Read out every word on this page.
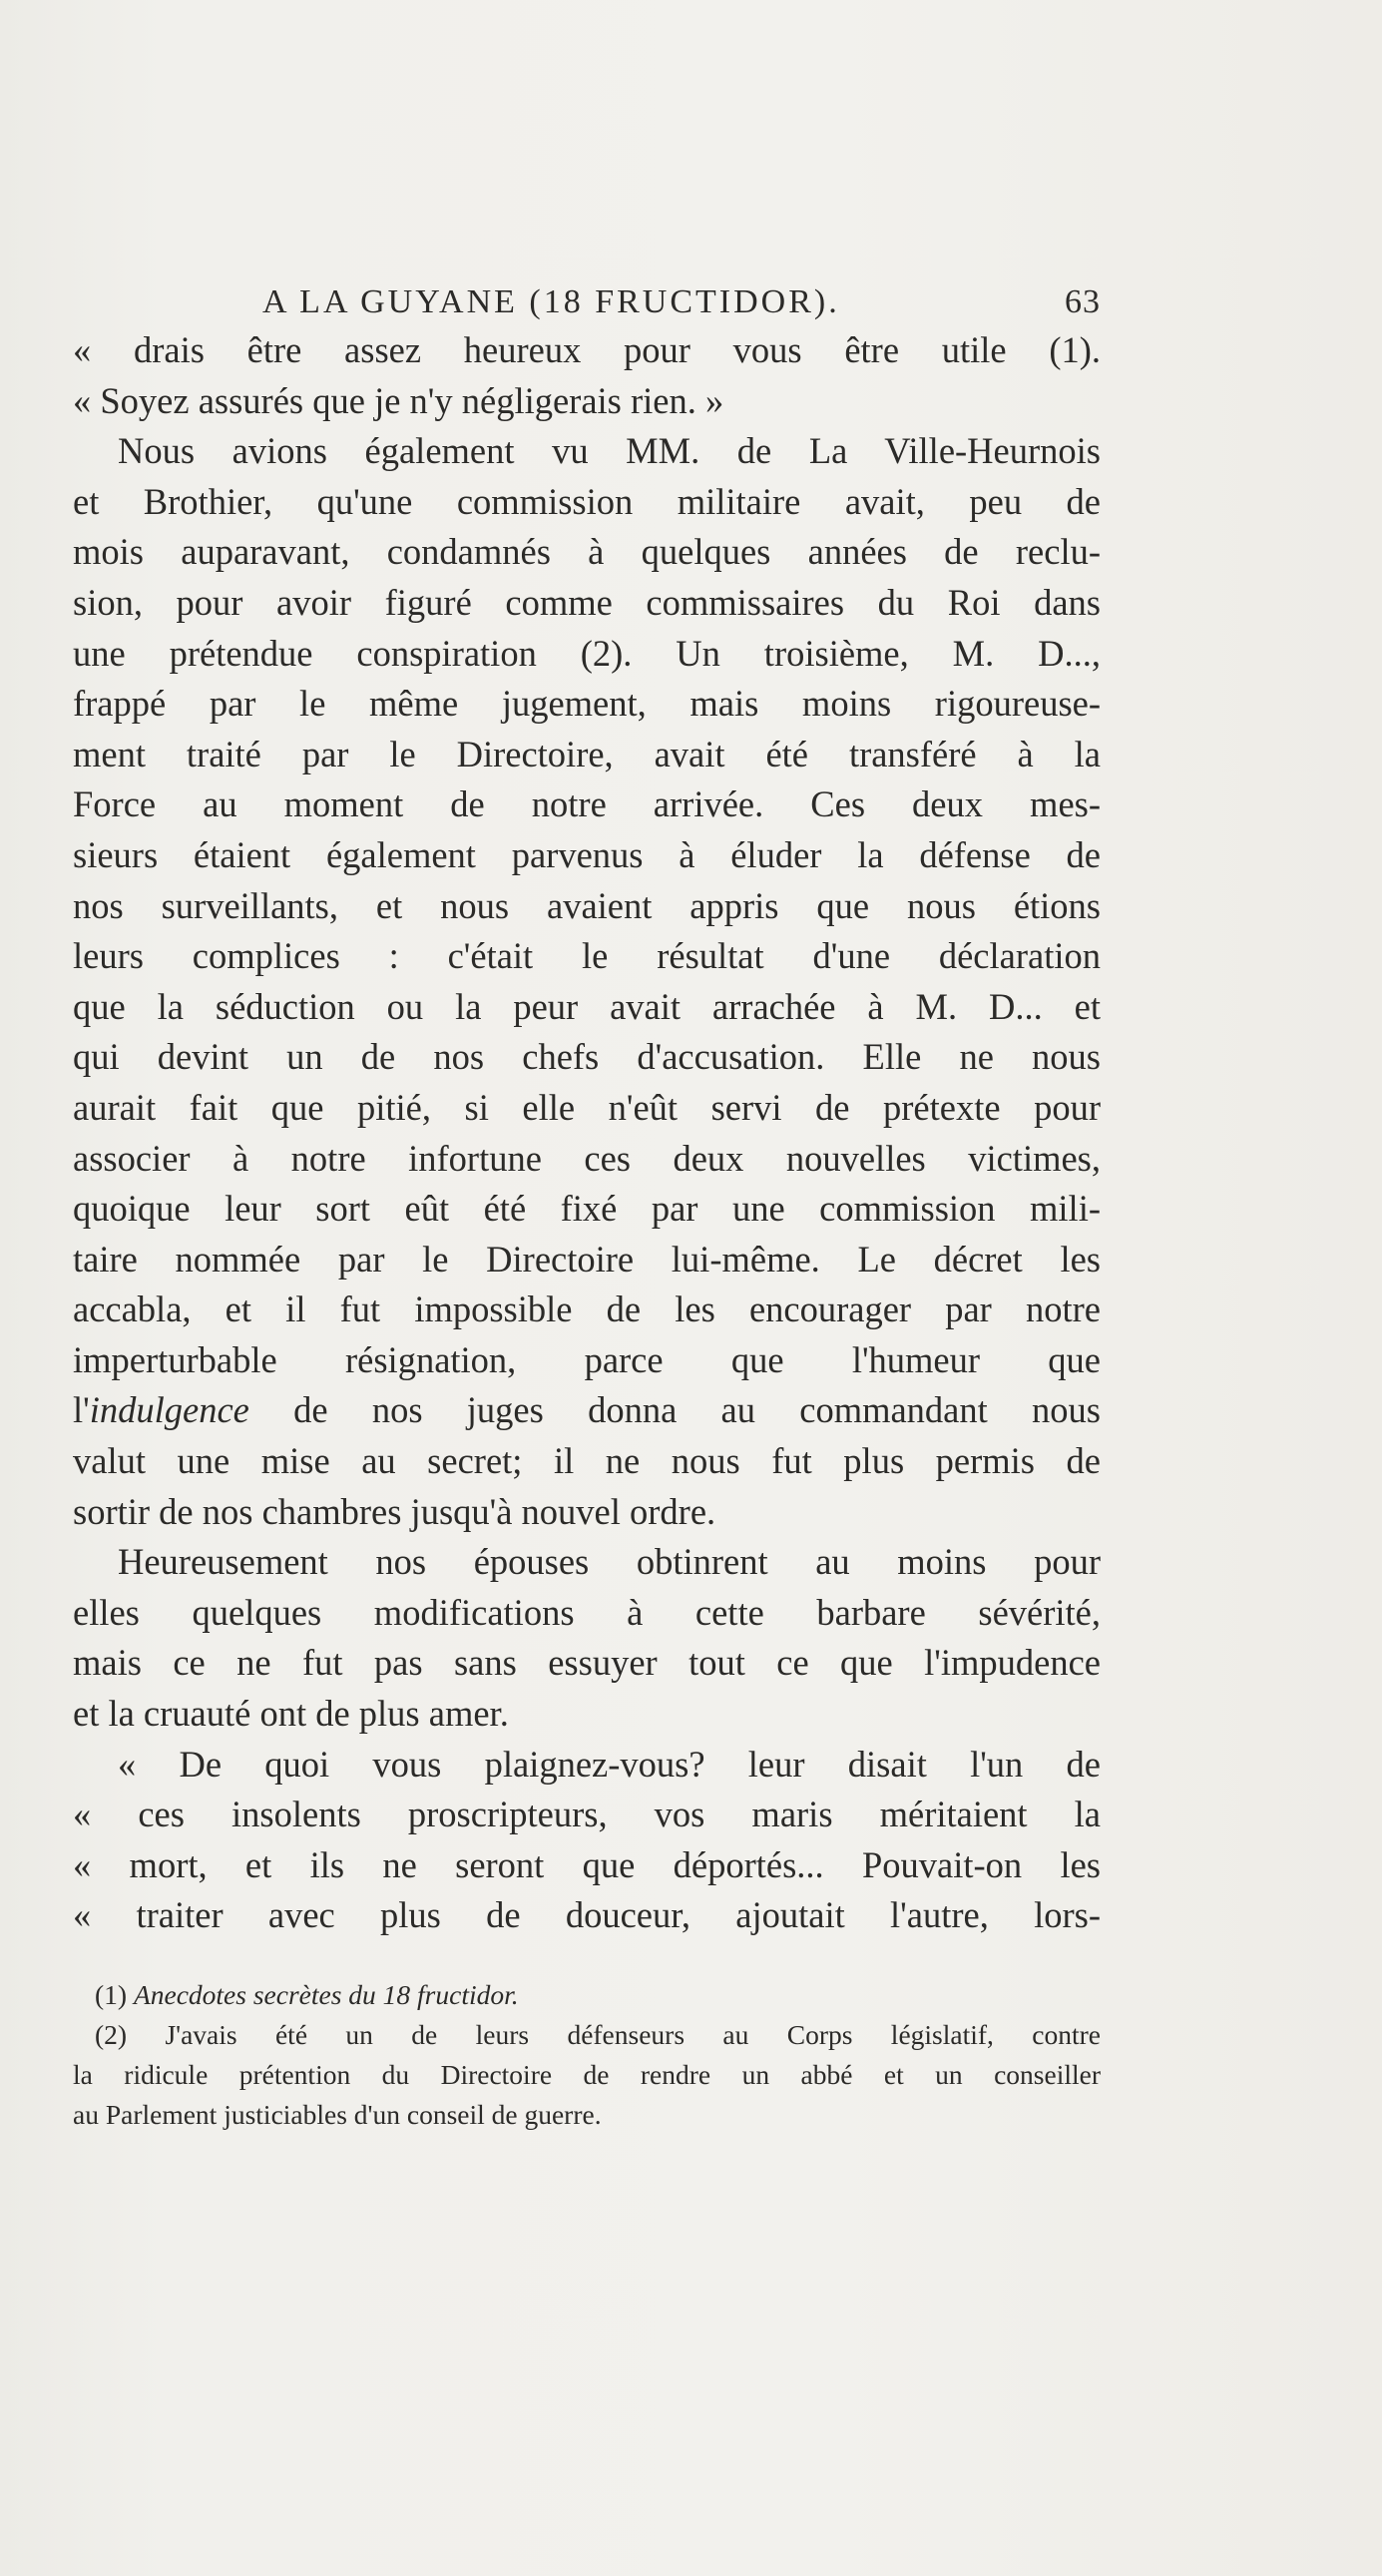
A LA GUYANE (18 FRUCTIDOR).	63
« drais être assez heureux pour vous être utile (1).
« Soyez assurés que je n'y négligerais rien. »
Nous avions également vu MM. de La Ville-Heurnois
et Brothier, qu'une commission militaire avait, peu de
mois auparavant, condamnés à quelques années de reclu-
sion, pour avoir figuré comme commissaires du Roi dans
une prétendue conspiration (2). Un troisième, M. D...,
frappé par le même jugement, mais moins rigoureuse-
ment traité par le Directoire, avait été transféré à la
Force au moment de notre arrivée. Ces deux mes-
sieurs étaient également parvenus à éluder la défense de
nos surveillants, et nous avaient appris que nous étions
leurs complices : c'était le résultat d'une déclaration
que la séduction ou la peur avait arrachée à M. D... et
qui devint un de nos chefs d'accusation. Elle ne nous
aurait fait que pitié, si elle n'eût servi de prétexte pour
associer à notre infortune ces deux nouvelles victimes,
quoique leur sort eût été fixé par une commission mili-
taire nommée par le Directoire lui-même. Le décret les
accabla, et il fut impossible de les encourager par notre
imperturbable résignation, parce que l'humeur que
l'indulgence de nos juges donna au commandant nous
valut une mise au secret; il ne nous fut plus permis de
sortir de nos chambres jusqu'à nouvel ordre.
Heureusement nos épouses obtinrent au moins pour
elles quelques modifications à cette barbare sévérité,
mais ce ne fut pas sans essuyer tout ce que l'impudence
et la cruauté ont de plus amer.
« De quoi vous plaignez-vous? leur disait l'un de
« ces insolents proscripteurs, vos maris méritaient la
« mort, et ils ne seront que déportés... Pouvait-on les
« traiter avec plus de douceur, ajoutait l'autre, lors-
(1) Anecdotes secrètes du 18 fructidor.
(2) J'avais été un de leurs défenseurs au Corps législatif, contre
la ridicule prétention du Directoire de rendre un abbé et un conseiller
au Parlement justiciables d'un conseil de guerre.
